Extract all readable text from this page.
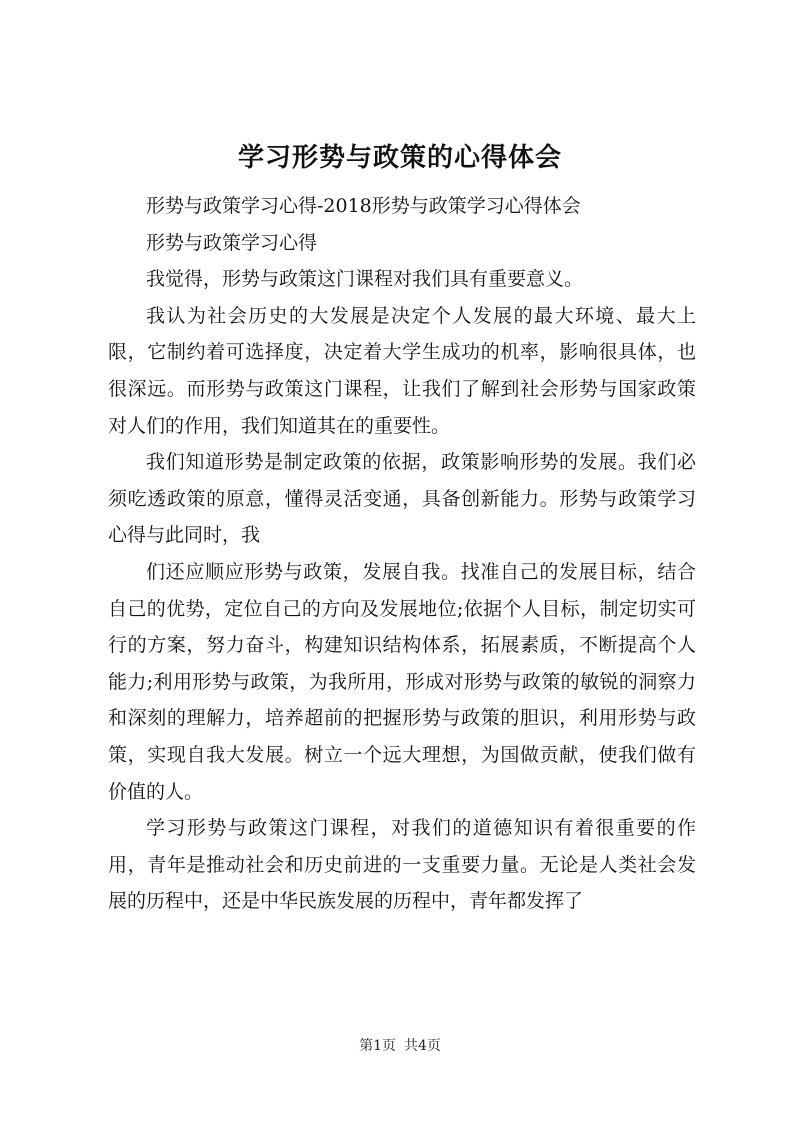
学习形势与政策的心得体会

形势与政策学习心得-2018形势与政策学习心得体会

形势与政策学习心得

我觉得，形势与政策这门课程对我们具有重要意义。

我认为社会历史的大发展是决定个人发展的最大环境、最大上限，它制约着可选择度，决定着大学生成功的机率，影响很具体，也很深远。而形势与政策这门课程，让我们了解到社会形势与国家政策对人们的作用，我们知道其在的重要性。

我们知道形势是制定政策的依据，政策影响形势的发展。我们必须吃透政策的原意，懂得灵活变通，具备创新能力。形势与政策学习心得与此同时，我

们还应顺应形势与政策，发展自我。找准自己的发展目标，结合自己的优势，定位自己的方向及发展地位;依据个人目标，制定切实可行的方案，努力奋斗，构建知识结构体系，拓展素质，不断提高个人能力;利用形势与政策，为我所用，形成对形势与政策的敏锐的洞察力和深刻的理解力，培养超前的把握形势与政策的胆识，利用形势与政策，实现自我大发展。树立一个远大理想，为国做贡献，使我们做有价值的人。

学习形势与政策这门课程，对我们的道德知识有着很重要的作用，青年是推动社会和历史前进的一支重要力量。无论是人类社会发展的历程中，还是中华民族发展的历程中，青年都发挥了

第1页 共4页
